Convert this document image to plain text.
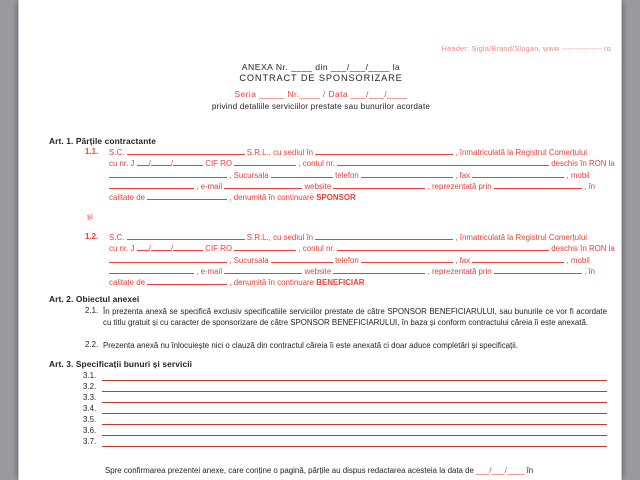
Header: Sigla/Brand/Slogan, www --------------- ro
ANEXA Nr. ____ din ___/___/____ la
CONTRACT DE SPONSORIZARE
Seria _____ Nr.____ / Data ___/___/____
privind detaliile serviciilor prestate sau bunurilor acordate
Art. 1. Părțile contractante
1.1. S.C.	S.R.L., cu sediul în	, înmatriculată la Registrul Comerțului
cu nr. J /	/	CIF RO	, contul nr.	deschis în RON la
, Sucursala	telefon	, fax	, mobil
, e-mail	website	, reprezentată prin	, în
calitate de	, denumită în continuare SPONSOR
și
1.2. S.C.	S.R.L., cu sediul în	, înmatriculată la Registrul Comerțului
cu nr. J /	/	CIF RO	, contul nr.	deschis în RON la
, Sucursala	telefon	, fax	, mobil
, e-mail	website	, reprezentată prin	, în
calitate de	, denumită în continuare BENEFICIAR
Art. 2. Obiectul anexei
2.1. În prezenta anexă se specifică exclusiv specificatiile serviciilor prestate de către SPONSOR BENEFICIARULUI, sau bunurile ce vor fi acordate cu titlu gratuit și cu caracter de sponsorizare de către SPONSOR BENEFICIARULUI, în baza și conform contractului căreia îi este anexată.
2.2. Prezenta anexă nu înlocuiește nici o clauză din contractul căreia îi este anexată ci doar aduce completări și specificații.
Art. 3. Specificații bunuri și servicii
3.1.
3.2.
3.3.
3.4.
3.5.
3.6.
3.7.
Spre confirmarea prezentei anexe, care conține o pagină, părțile au dispus redactarea acesteia la data de ___/___/____ în
